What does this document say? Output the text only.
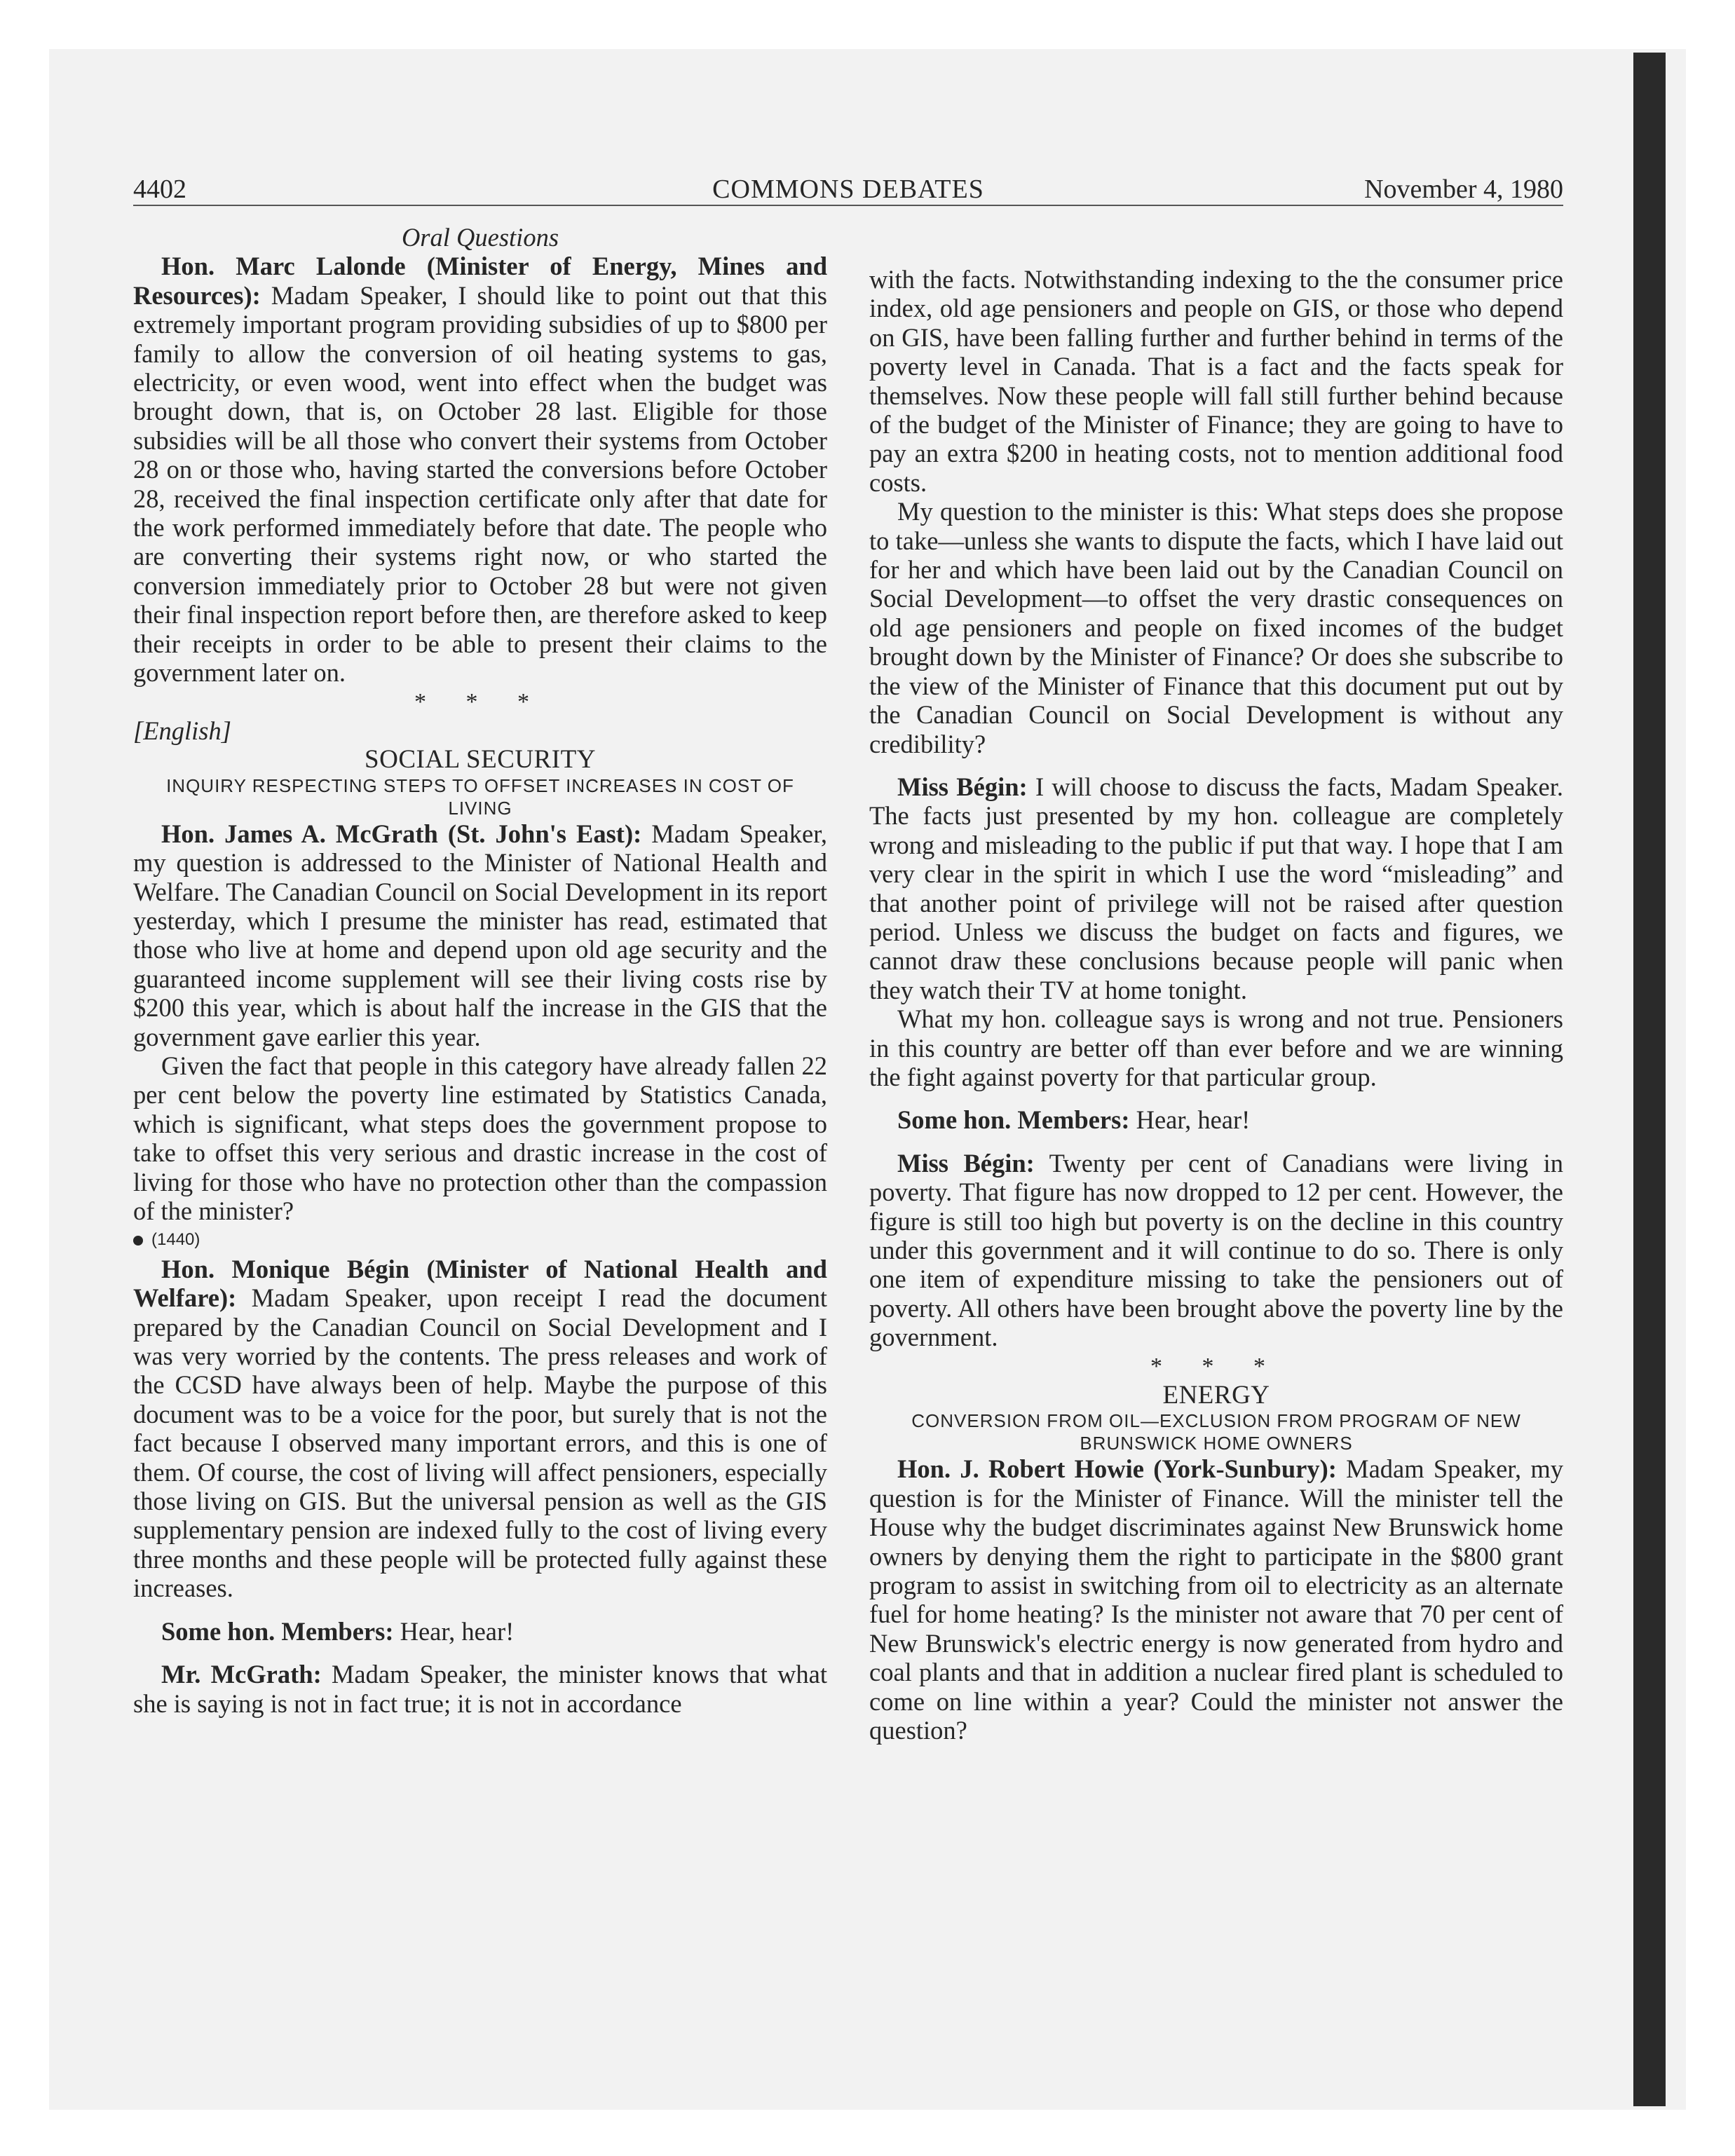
4402	COMMONS DEBATES	November 4, 1980

Oral Questions

Hon. Marc Lalonde (Minister of Energy, Mines and Resources): Madam Speaker, I should like to point out that this extremely important program providing subsidies of up to $800 per family to allow the conversion of oil heating systems to gas, electricity, or even wood, went into effect when the budget was brought down, that is, on October 28 last. Eligible for those subsidies will be all those who convert their systems from October 28 on or those who, having started the conversions before October 28, received the final inspection certificate only after that date for the work performed immediately before that date. The people who are converting their systems right now, or who started the conversion immediately prior to October 28 but were not given their final inspection report before then, are therefore asked to keep their receipts in order to be able to present their claims to the government later on.

* * *

[English]

SOCIAL SECURITY

INQUIRY RESPECTING STEPS TO OFFSET INCREASES IN COST OF LIVING

Hon. James A. McGrath (St. John's East): Madam Speaker, my question is addressed to the Minister of National Health and Welfare. The Canadian Council on Social Development in its report yesterday, which I presume the minister has read, estimated that those who live at home and depend upon old age security and the guaranteed income supplement will see their living costs rise by $200 this year, which is about half the increase in the GIS that the government gave earlier this year.

Given the fact that people in this category have already fallen 22 per cent below the poverty line estimated by Statistics Canada, which is significant, what steps does the government propose to take to offset this very serious and drastic increase in the cost of living for those who have no protection other than the compassion of the minister?

(1440)

Hon. Monique Bégin (Minister of National Health and Welfare): Madam Speaker, upon receipt I read the document prepared by the Canadian Council on Social Development and I was very worried by the contents. The press releases and work of the CCSD have always been of help. Maybe the purpose of this document was to be a voice for the poor, but surely that is not the fact because I observed many important errors, and this is one of them. Of course, the cost of living will affect pensioners, especially those living on GIS. But the universal pension as well as the GIS supplementary pension are indexed fully to the cost of living every three months and these people will be protected fully against these increases.

Some hon. Members: Hear, hear!

Mr. McGrath: Madam Speaker, the minister knows that what she is saying is not in fact true; it is not in accordance

with the facts. Notwithstanding indexing to the the consumer price index, old age pensioners and people on GIS, or those who depend on GIS, have been falling further and further behind in terms of the poverty level in Canada. That is a fact and the facts speak for themselves. Now these people will fall still further behind because of the budget of the Minister of Finance; they are going to have to pay an extra $200 in heating costs, not to mention additional food costs.

My question to the minister is this: What steps does she propose to take—unless she wants to dispute the facts, which I have laid out for her and which have been laid out by the Canadian Council on Social Development—to offset the very drastic consequences on old age pensioners and people on fixed incomes of the budget brought down by the Minister of Finance? Or does she subscribe to the view of the Minister of Finance that this document put out by the Canadian Council on Social Development is without any credibility?

Miss Bégin: I will choose to discuss the facts, Madam Speaker. The facts just presented by my hon. colleague are completely wrong and misleading to the public if put that way. I hope that I am very clear in the spirit in which I use the word “misleading” and that another point of privilege will not be raised after question period. Unless we discuss the budget on facts and figures, we cannot draw these conclusions because people will panic when they watch their TV at home tonight.

What my hon. colleague says is wrong and not true. Pensioners in this country are better off than ever before and we are winning the fight against poverty for that particular group.

Some hon. Members: Hear, hear!

Miss Bégin: Twenty per cent of Canadians were living in poverty. That figure has now dropped to 12 per cent. However, the figure is still too high but poverty is on the decline in this country under this government and it will continue to do so. There is only one item of expenditure missing to take the pensioners out of poverty. All others have been brought above the poverty line by the government.

* * *

ENERGY

CONVERSION FROM OIL—EXCLUSION FROM PROGRAM OF NEW BRUNSWICK HOME OWNERS

Hon. J. Robert Howie (York-Sunbury): Madam Speaker, my question is for the Minister of Finance. Will the minister tell the House why the budget discriminates against New Brunswick home owners by denying them the right to participate in the $800 grant program to assist in switching from oil to electricity as an alternate fuel for home heating? Is the minister not aware that 70 per cent of New Brunswick's electric energy is now generated from hydro and coal plants and that in addition a nuclear fired plant is scheduled to come on line within a year? Could the minister not answer the question?
